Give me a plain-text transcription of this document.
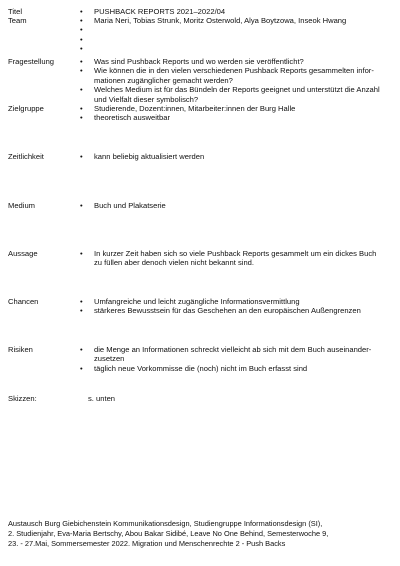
Titel	• PUSHBACK REPORTS 2021–2022/04
Team	• Maria Neri, Tobias Strunk, Moritz Osterwold, Alya Boytzowa, Inseok Hwang
•
•
•
Fragestellung	• Was sind Pushback Reports und wo werden sie veröffentlicht?
• Wie können die in den vielen verschiedenen Pushback Reports gesammelten infor-
mationen zugänglicher gemacht werden?
• Welches Medium ist für das Bündeln der Reports geeignet und unterstützt die Anzahl
und Vielfalt dieser symbolisch?
Zielgruppe	• Studierende, Dozent:innen, Mitarbeiter:innen der Burg Halle
• theoretisch ausweitbar
Zeitlichkeit	• kann beliebig aktualisiert werden
Medium	• Buch und Plakatserie
Aussage	• In kurzer Zeit haben sich so viele Pushback Reports gesammelt um ein dickes Buch
zu füllen aber denoch vielen nicht bekannt sind.
Chancen	• Umfangreiche und leicht zugängliche Informationsvermittlung
• stärkeres Bewusstsein für das Geschehen an den europäischen Außengrenzen
Risiken	• die Menge an Informationen schreckt vielleicht ab sich mit dem Buch auseinander-
zusetzen
• täglich neue Vorkommisse die (noch) nicht im Buch erfasst sind
Skizzen:	s. unten
Austausch Burg Giebichenstein Kommunikationsdesign, Studiengruppe Informationsdesign (SI),
2. Studienjahr, Eva-Maria Bertschy, Abou Bakar Sidibé, Leave No One Behind, Semesterwoche 9,
23. - 27.Mai, Sommersemester 2022. Migration und Menschenrechte 2 - Push Backs
